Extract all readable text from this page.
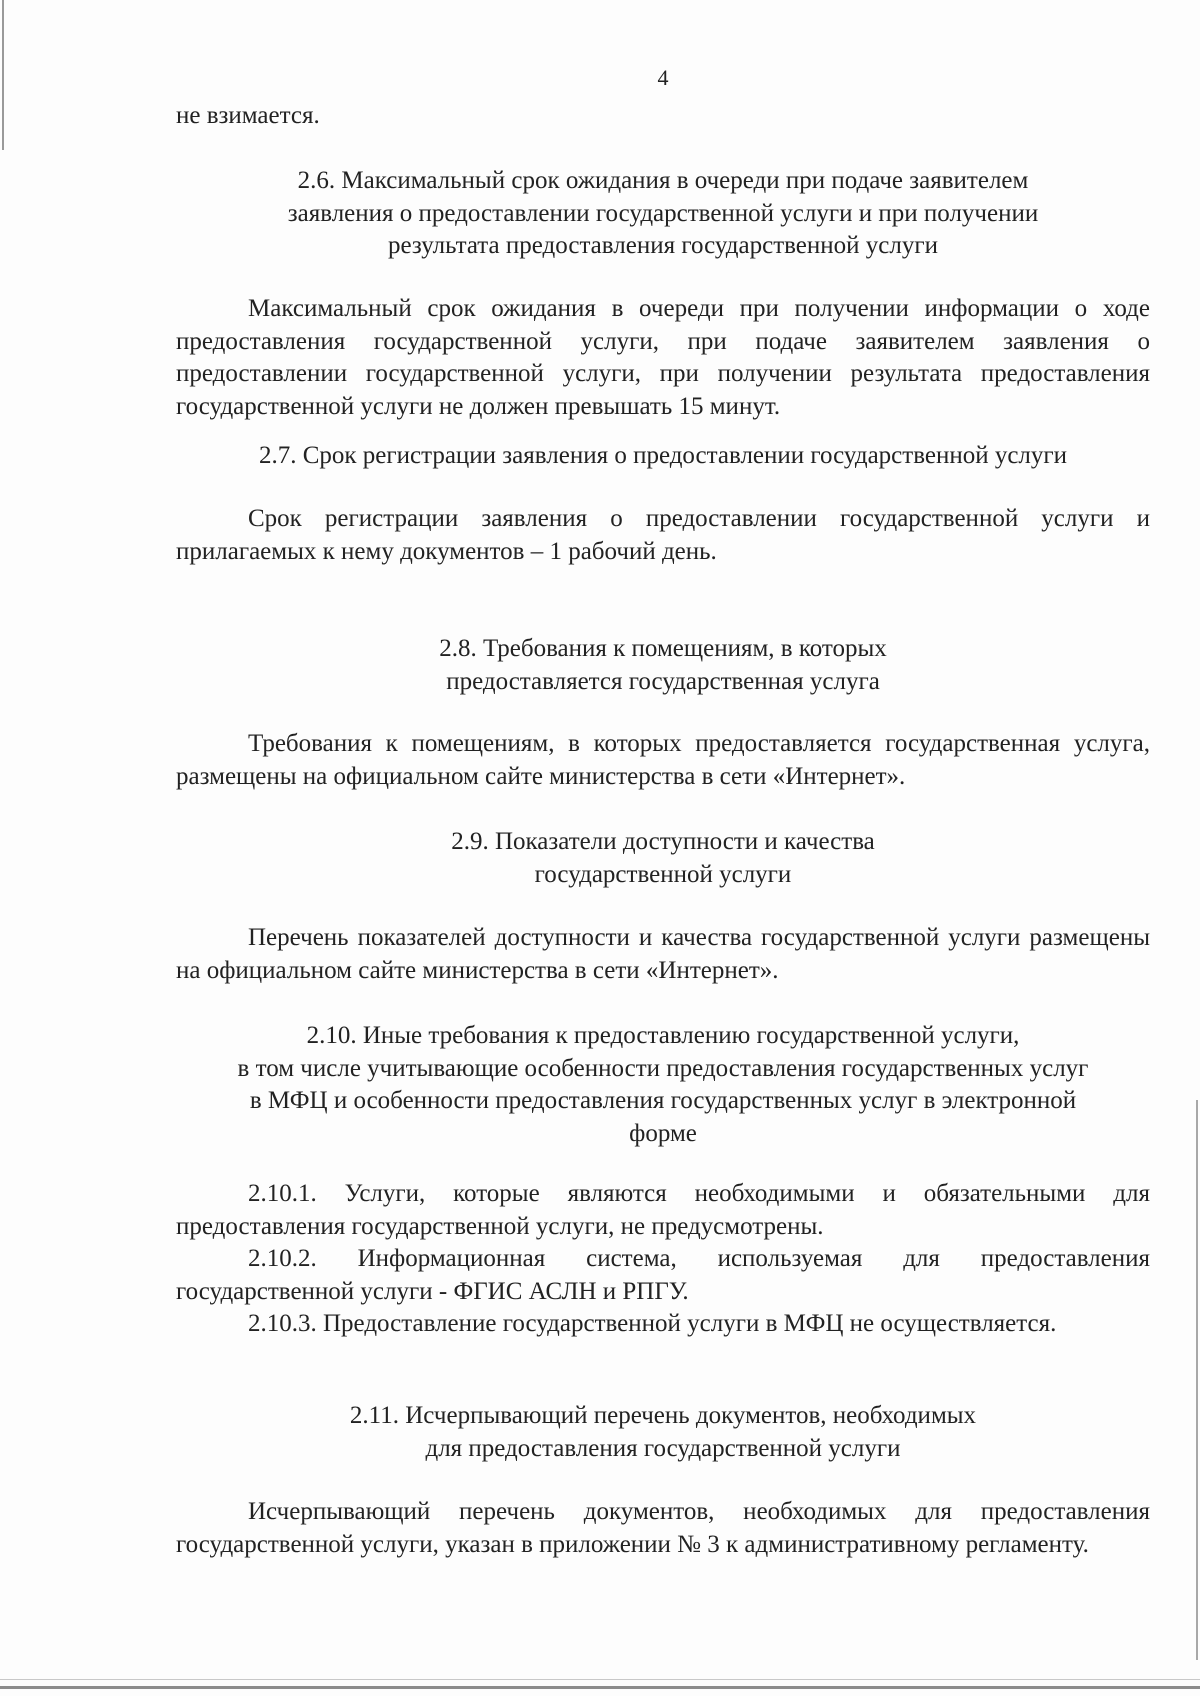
4
не взимается.
2.6. Максимальный срок ожидания в очереди при подаче заявителем
заявления о предоставлении государственной услуги и при получении
результата предоставления государственной услуги
Максимальный срок ожидания в очереди при получении информации о ходе предоставления государственной услуги, при подаче заявителем заявления о предоставлении государственной услуги, при получении результата предоставления государственной услуги не должен превышать 15 минут.
2.7. Срок регистрации заявления о предоставлении государственной услуги
Срок регистрации заявления о предоставлении государственной услуги и прилагаемых к нему документов – 1 рабочий день.
2.8. Требования к помещениям, в которых
предоставляется государственная услуга
Требования к помещениям, в которых предоставляется государственная услуга, размещены на официальном сайте министерства в сети «Интернет».
2.9. Показатели доступности и качества
государственной услуги
Перечень показателей доступности и качества государственной услуги размещены на официальном сайте министерства в сети «Интернет».
2.10. Иные требования к предоставлению государственной услуги,
в том числе учитывающие особенности предоставления государственных услуг
в МФЦ и особенности предоставления государственных услуг в электронной
форме
2.10.1. Услуги, которые являются необходимыми и обязательными для предоставления государственной услуги, не предусмотрены.
2.10.2. Информационная система, используемая для предоставления государственной услуги - ФГИС АСЛН и РПГУ.
2.10.3. Предоставление государственной услуги в МФЦ не осуществляется.
2.11. Исчерпывающий перечень документов, необходимых
для предоставления государственной услуги
Исчерпывающий перечень документов, необходимых для предоставления государственной услуги, указан в приложении № 3 к административному регламенту.
